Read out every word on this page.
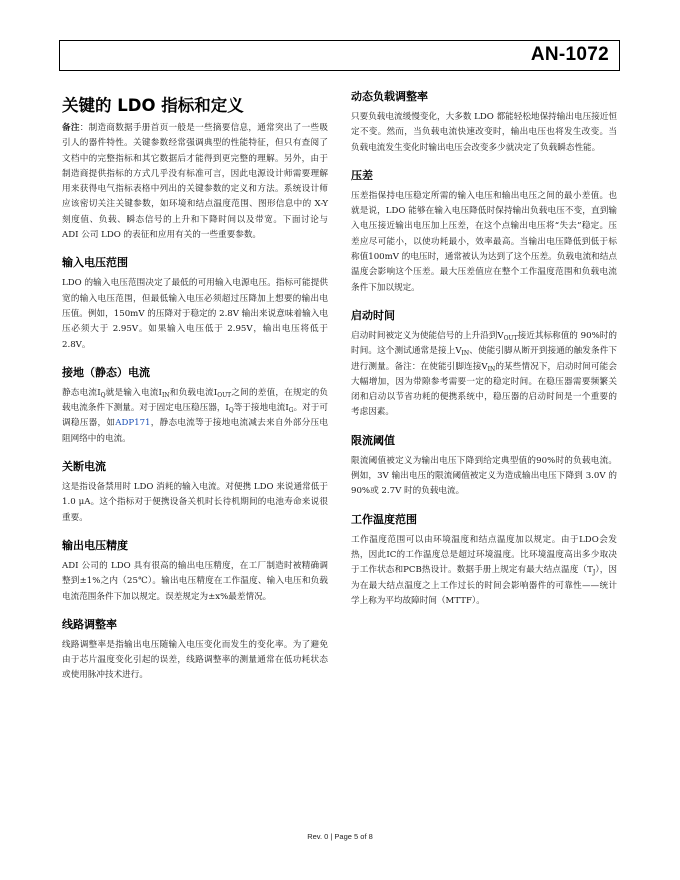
AN-1072
关键的 LDO 指标和定义

备注：制造商数据手册首页一般是一些摘要信息，通常突出了一些吸引人的器件特性。关键参数经常强调典型的性能特征，但只有查阅了文档中的完整指标和其它数据后才能得到更完整的理解。另外，由于制造商提供指标的方式几乎没有标准可言，因此电源设计师需要理解用来获得电气指标表格中列出的关键参数的定义和方法。系统设计师应该密切关注关键参数，如环境和结点温度范围、图形信息中的 X-Y 刻度值、负载、瞬态信号的上升和下降时间以及带宽。下面讨论与 ADI 公司 LDO 的表征和应用有关的一些重要参数。

输入电压范围

LDO 的输入电压范围决定了最低的可用输入电源电压。指标可能提供宽的输入电压范围，但最低输入电压必须超过压降加上想要的输出电压值。例如，150mV 的压降对于稳定的 2.8V 输出来说意味着输入电压必须大于 2.95V。如果输入电压低于 2.95V，输出电压将低于 2.8V。

接地（静态）电流

静态电流$I_Q$就是输入电流$I_{IN}$和负载电流$I_{OUT}$之间的差值，在规定的负载电流条件下测量。对于固定电压稳压器，$I_Q$等于接地电流$I_G$。对于可调稳压器，如ADP171，静态电流等于接地电流减去来自外部分压电阻网络中的电流。

关断电流

这是指设备禁用时 LDO 消耗的输入电流。对便携 LDO 来说通常低于 1.0 μA。这个指标对于便携设备关机时长待机期间的电池寿命来说很重要。

输出电压精度

ADI 公司的 LDO 具有很高的输出电压精度，在工厂制造时被精确调整到±1%之内（25℃）。输出电压精度在工作温度、输入电压和负载电流范围条件下加以规定。误差规定为±x%最差情况。

线路调整率

线路调整率是指输出电压随输入电压变化而发生的变化率。为了避免由于芯片温度变化引起的误差，线路调整率的测量通常在低功耗状态或使用脉冲技术进行。

动态负载调整率

只要负载电流缓慢变化，大多数 LDO 都能轻松地保持输出电压接近恒定不变。然而，当负载电流快速改变时，输出电压也将发生改变。当负载电流发生变化时输出电压会改变多少就决定了负载瞬态性能。

压差

压差指保持电压稳定所需的输入电压和输出电压之间的最小差值。也就是说，LDO 能够在输入电压降低时保持输出负载电压不变，直到输入电压接近输出电压加上压差，在这个点输出电压将“失去”稳定。压差应尽可能小，以使功耗最小，效率最高。当输出电压降低到低于标称值100mV 的电压时，通常被认为达到了这个压差。负载电流和结点温度会影响这个压差。最大压差值应在整个工作温度范围和负载电流条件下加以规定。

启动时间

启动时间被定义为使能信号的上升沿到$V_{OUT}$接近其标称值的 90%时的时间。这个测试通常是接上$V_{IN}$、使能引脚从断开到接通的触发条件下进行测量。备注：在使能引脚连接$V_{IN}$的某些情况下，启动时间可能会大幅增加，因为带隙参考需要一定的稳定时间。在稳压器需要频繁关闭和启动以节省功耗的便携系统中，稳压器的启动时间是一个重要的考虑因素。

限流阈值

限流阈值被定义为输出电压下降到给定典型值的90%时的负载电流。例如，3V 输出电压的限流阈值被定义为造成输出电压下降到 3.0V 的 90%或 2.7V 时的负载电流。

工作温度范围

工作温度范围可以由环境温度和结点温度加以规定。由于LDO会发热，因此IC的工作温度总是超过环境温度。比环境温度高出多少取决于工作状态和PCB热设计。数据手册上规定有最大结点温度$(T_J)$，因为在最大结点温度之上工作过长的时间会影响器件的可靠性——统计学上称为平均故障时间（MTTF）。

Rev. 0 | Page 5 of 8
